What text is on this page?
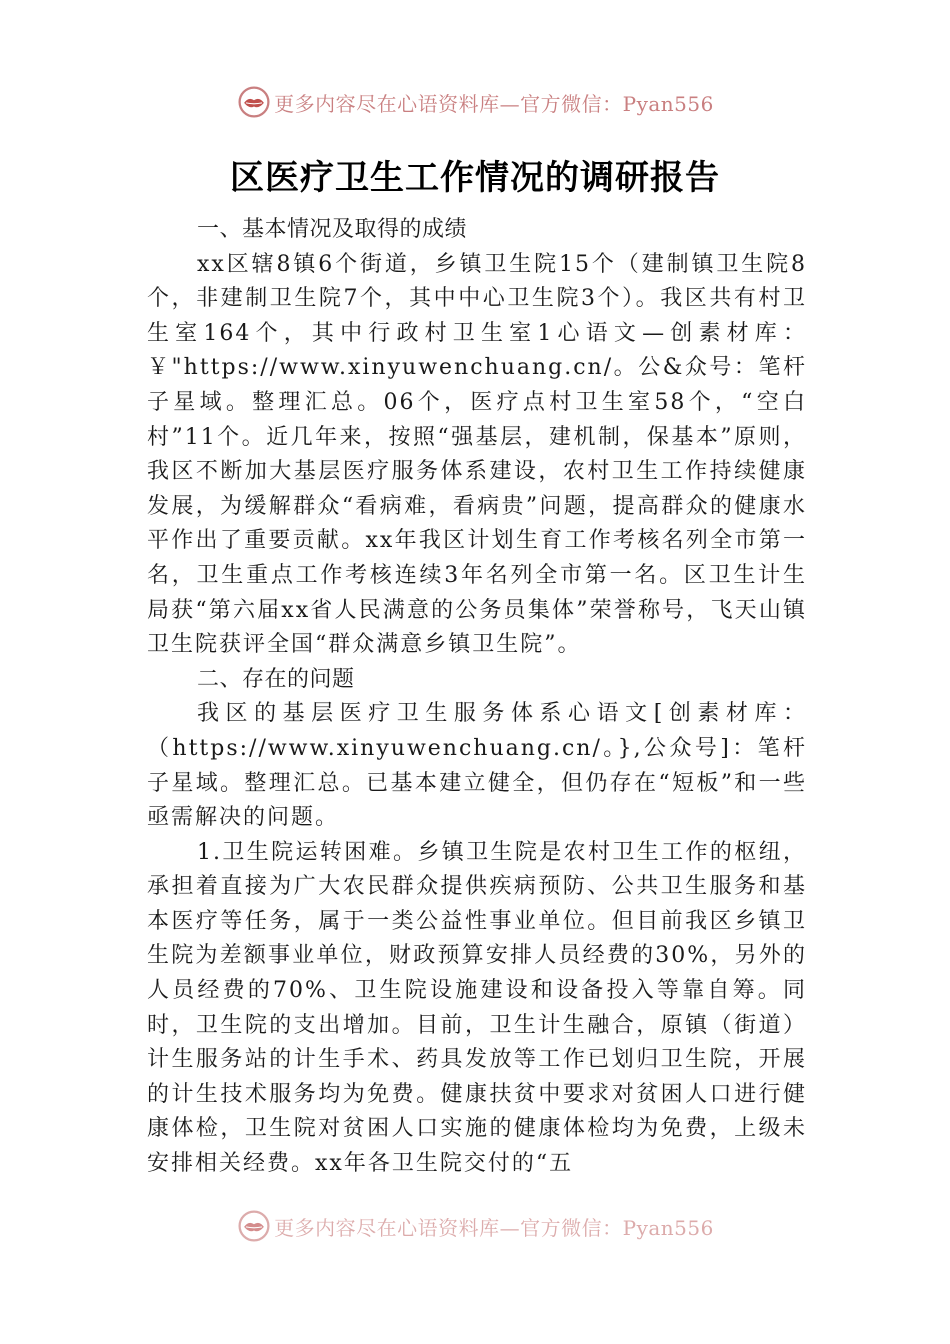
更多内容尽在心语资料库—官方微信：Pyan556
区医疗卫生工作情况的调研报告

一、基本情况及取得的成绩

xx区辖8镇6个街道，乡镇卫生院15个（建制镇卫生院8个，非建制卫生院7个，其中中心卫生院3个）。我区共有村卫生室164个，其中行政村卫生室1心语文—创素材库：￥"https://www.xinyuwenchuang.cn/。公&众号：笔杆子星域。整理汇总。06个，医疗点村卫生室58个，“空白村”11个。近几年来，按照“强基层，建机制，保基本”原则，我区不断加大基层医疗服务体系建设，农村卫生工作持续健康发展，为缓解群众“看病难，看病贵”问题，提高群众的健康水平作出了重要贡献。xx年我区计划生育工作考核名列全市第一名，卫生重点工作考核连续3年名列全市第一名。区卫生计生局获“第六届xx省人民满意的公务员集体”荣誉称号，飞天山镇卫生院获评全国“群众满意乡镇卫生院”。

二、存在的问题

我区的基层医疗卫生服务体系心语文[创素材库：（https://www.xinyuwenchuang.cn/。},公众号]：笔杆子星域。整理汇总。已基本建立健全，但仍存在“短板”和一些亟需解决的问题。

1.卫生院运转困难。乡镇卫生院是农村卫生工作的枢纽，承担着直接为广大农民群众提供疾病预防、公共卫生服务和基本医疗等任务，属于一类公益性事业单位。但目前我区乡镇卫生院为差额事业单位，财政预算安排人员经费的30%，另外的人员经费的70%、卫生院设施建设和设备投入等靠自筹。同时，卫生院的支出增加。目前，卫生计生融合，原镇（街道）计生服务站的计生手术、药具发放等工作已划归卫生院，开展的计生技术服务均为免费。健康扶贫中要求对贫困人口进行健康体检，卫生院对贫困人口实施的健康体检均为免费，上级未安排相关经费。xx年各卫生院交付的“五

更多内容尽在心语资料库—官方微信：Pyan556
